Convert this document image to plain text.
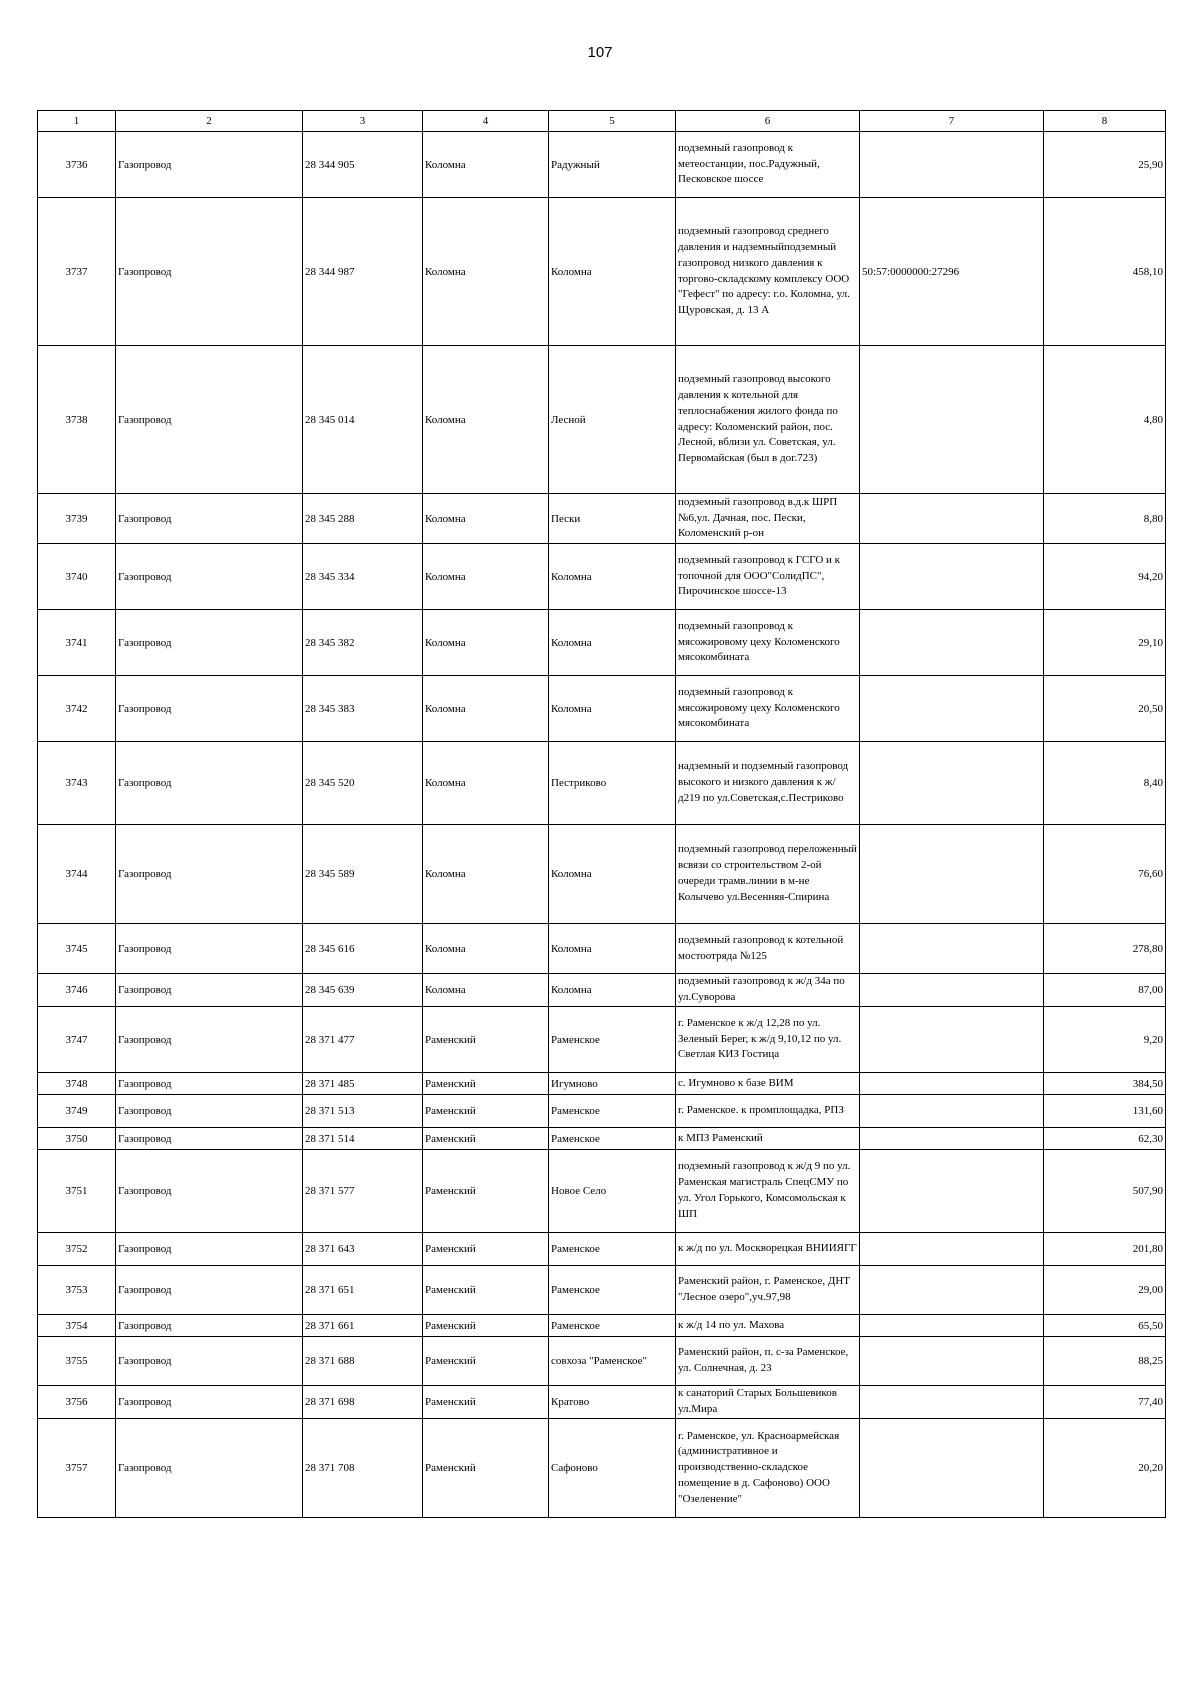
107
1	2	3	4	5	6	7	8
3736	Газопровод	28 344 905	Коломна	Радужный	подземный газопровод к метеостанции, пос.Радужный, Песковское шоссе		25,90
3737	Газопровод	28 344 987	Коломна	Коломна	подземный газопровод среднего давления и надземныйподземный газопровод низкого давления к торгово-складскому комплексу ООО "Гефест" по адресу: г.о. Коломна, ул. Щуровская, д. 13 А	50:57:0000000:27296	458,10
3738	Газопровод	28 345 014	Коломна	Лесной	подземный газопровод высокого давления к котельной для теплоснабжения жилого фонда по адресу: Коломенский район, пос. Лесной, вблизи ул. Советская, ул. Первомайская (был в дог.723)		4,80
3739	Газопровод	28 345 288	Коломна	Пески	подземный газопровод в.д.к ШРП №6,ул. Дачная, пос. Пески, Коломенский р-он		8,80
3740	Газопровод	28 345 334	Коломна	Коломна	подземный газопровод к ГСГО и к топочной для ООО"СолидПС", Пирочинское шоссе-13		94,20
3741	Газопровод	28 345 382	Коломна	Коломна	подземный газопровод к мясожировому цеху Коломенского мясокомбината		29,10
3742	Газопровод	28 345 383	Коломна	Коломна	подземный газопровод к мясожировому цеху Коломенского мясокомбината		20,50
3743	Газопровод	28 345 520	Коломна	Пестриково	надземный и подземный газопровод высокого и низкого давления к ж/д219 по ул.Советская,с.Пестриково		8,40
3744	Газопровод	28 345 589	Коломна	Коломна	подземный газопровод переложенный всвязи со строительством 2-ой очереди трамв.линии в м-не Колычево ул.Весенняя-Спирина		76,60
3745	Газопровод	28 345 616	Коломна	Коломна	подземный газопровод к котельной мостоотряда №125		278,80
3746	Газопровод	28 345 639	Коломна	Коломна	подземный газопровод к ж/д 34а по ул.Суворова		87,00
3747	Газопровод	28 371 477	Раменский	Раменское	г. Раменское к ж/д 12,28 по ул. Зеленый Берег, к ж/д 9,10,12 по ул. Светлая КИЗ Гостица		9,20
3748	Газопровод	28 371 485	Раменский	Игумново	с. Игумново к базе ВИМ		384,50
3749	Газопровод	28 371 513	Раменский	Раменское	г. Раменское. к промплощадка, РПЗ		131,60
3750	Газопровод	28 371 514	Раменский	Раменское	к МПЗ Раменский		62,30
3751	Газопровод	28 371 577	Раменский	Новое Село	подземный газопровод к ж/д 9 по ул. Раменская магистраль СпецСМУ по ул. Угол Горького, Комсомольская к ШП		507,90
3752	Газопровод	28 371 643	Раменский	Раменское	к ж/д по ул. Москворецкая ВНИИЯГГ		201,80
3753	Газопровод	28 371 651	Раменский	Раменское	Раменский район, г. Раменское, ДНТ "Лесное озеро",уч.97,98		29,00
3754	Газопровод	28 371 661	Раменский	Раменское	к ж/д 14 по ул. Махова		65,50
3755	Газопровод	28 371 688	Раменский	совхоза "Раменское"	Раменский район, п. с-за Раменское, ул. Солнечная, д. 23		88,25
3756	Газопровод	28 371 698	Раменский	Кратово	к санаторий Старых Большевиков ул.Мира		77,40
3757	Газопровод	28 371 708	Раменский	Сафоново	г. Раменское, ул. Красноармейская (административное и производственно-складское помещение в д. Сафоново) ООО "Озеленение"		20,20
